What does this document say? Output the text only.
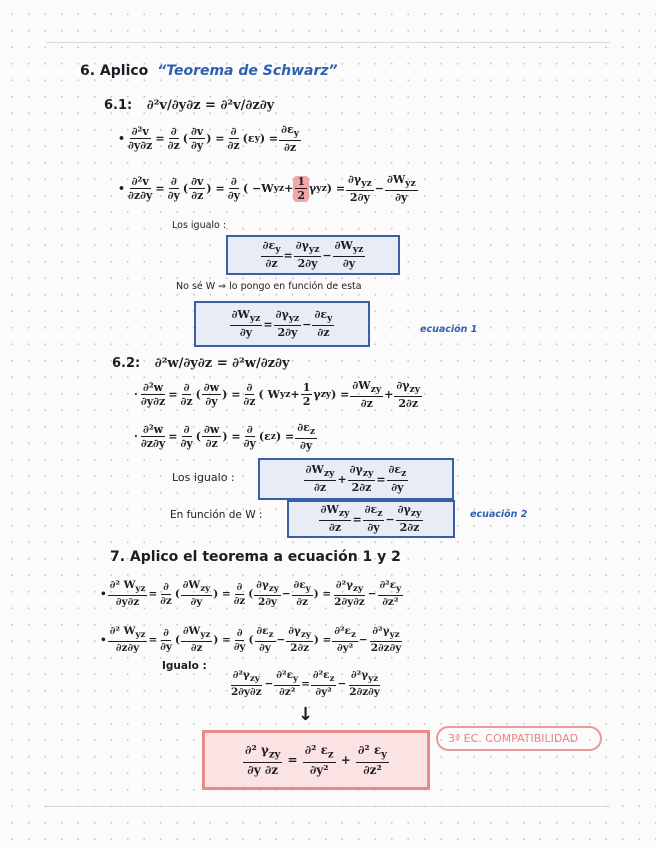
6. Aplico “Teorema de Schwarz”
6.1: ∂²v/∂y∂z = ∂²v/∂z∂y
• $\frac{\text{∂²v}}{\partial y\partial z} = \frac{\partial}{\partial z}$ ( $\frac{\partial v}{\partial y}$ ) = $\frac{\partial}{\partial z} (\varepsilon$ y ) = $\frac{\partial\varepsilon_y}{\partial z}$
• $\frac{\text{∂²v}}{\partial z\partial y} = \frac{\partial}{\partial y}$ ( $\frac{\partial v}{\partial z}$ ) = $\frac{\partial}{\partial y}$ ( −W yz + $\frac{1}{2}$ γ yz ) = $\frac{\partial\gamma_{yz}}{2\partial y} - \frac{\partial W_{yz}}{\partial y}$
Los igualo :
$\frac{\partial\varepsilon_y}{\partial z} = \frac{\partial\gamma_{yz}}{2\partial y} - \frac{\partial W_{yz}}{\partial y}$
No sé W ⇒ lo pongo en función de esta
$\frac{\partial W_{yz}}{\partial y} = \frac{\partial\gamma_{yz}}{2\partial y} - \frac{\partial\varepsilon_y}{\partial z}$	ecuación 1
6.2: ∂²w/∂y∂z = ∂²w/∂z∂y
· $\frac{\text{∂²w}}{\partial y\partial z} = \frac{\partial}{\partial z}$ ( $\frac{\partial w}{\partial y}$ ) = $\frac{\partial}{\partial z}$ ( W yz + $\frac{1}{2}$ γ zy ) = $\frac{\partial W_{zy}}{\partial z} + \frac{\partial\gamma_{zy}}{2\partial z}$
· $\frac{\text{∂²w}}{\partial z\partial y} = \frac{\partial}{\partial y}$ ( $\frac{\partial w}{\partial z}$ ) = $\frac{\partial}{\partial y} (\varepsilon$ z ) = $\frac{\partial\varepsilon_z}{\partial y}$
Los igualo :	$\frac{\partial W_{zy}}{\partial z} + \frac{\partial\gamma_{zy}}{2\partial z} = \frac{\partial\varepsilon_z}{\partial y}$
En función de W :	$\frac{\partial W_{zy}}{\partial z} = \frac{\partial\varepsilon_z}{\partial y} - \frac{\partial\gamma_{zy}}{2\partial z}$	ecuación 2
7. Aplico el teorema a ecuación 1 y 2
• $\frac{\partial^2 W_{yz}}{\partial y\partial z} = \frac{\partial}{\partial z}$ ( $\frac{\partial W_{zy}}{\partial y}$ ) = $\frac{\partial}{\partial z}$ ( $\frac{\partial\gamma_{zy}}{2\partial y} - \frac{\partial\varepsilon_y}{\partial z}$ ) = $\frac{\partial^2\gamma_{zy}}{2\partial y\partial z} - \frac{\partial^2\varepsilon_y}{\text{∂z²}}$
• $\frac{\partial^2 W_{yz}}{\partial z\partial y} = \frac{\partial}{\partial y}$ ( $\frac{\partial W_{yz}}{\partial z}$ ) = $\frac{\partial}{\partial y}$ ( $\frac{\partial\varepsilon_z}{\partial y} - \frac{\partial\gamma_{zy}}{2\partial z}$ ) = $\frac{\partial^2\varepsilon_z}{\text{∂y²}} - \frac{\partial^2\gamma_{yz}}{2\partial z\partial y}$
Igualo :
$\frac{\partial^2\gamma_{zy}}{2\partial y\partial z} - \frac{\partial^2\varepsilon_y}{\text{∂z²}} = \frac{\partial^2\varepsilon_z}{\text{∂y²}} - \frac{\partial^2\gamma_{yz}}{2\partial z\partial y}$
↓
$\frac{\partial^2 \gamma_{zy}}{\partial y \partial z} = \frac{\partial^2 \varepsilon_z}{\text{∂y²}} + \frac{\partial^2 \varepsilon_y}{\text{∂z²}}$
3ª EC. COMPATIBILIDAD
